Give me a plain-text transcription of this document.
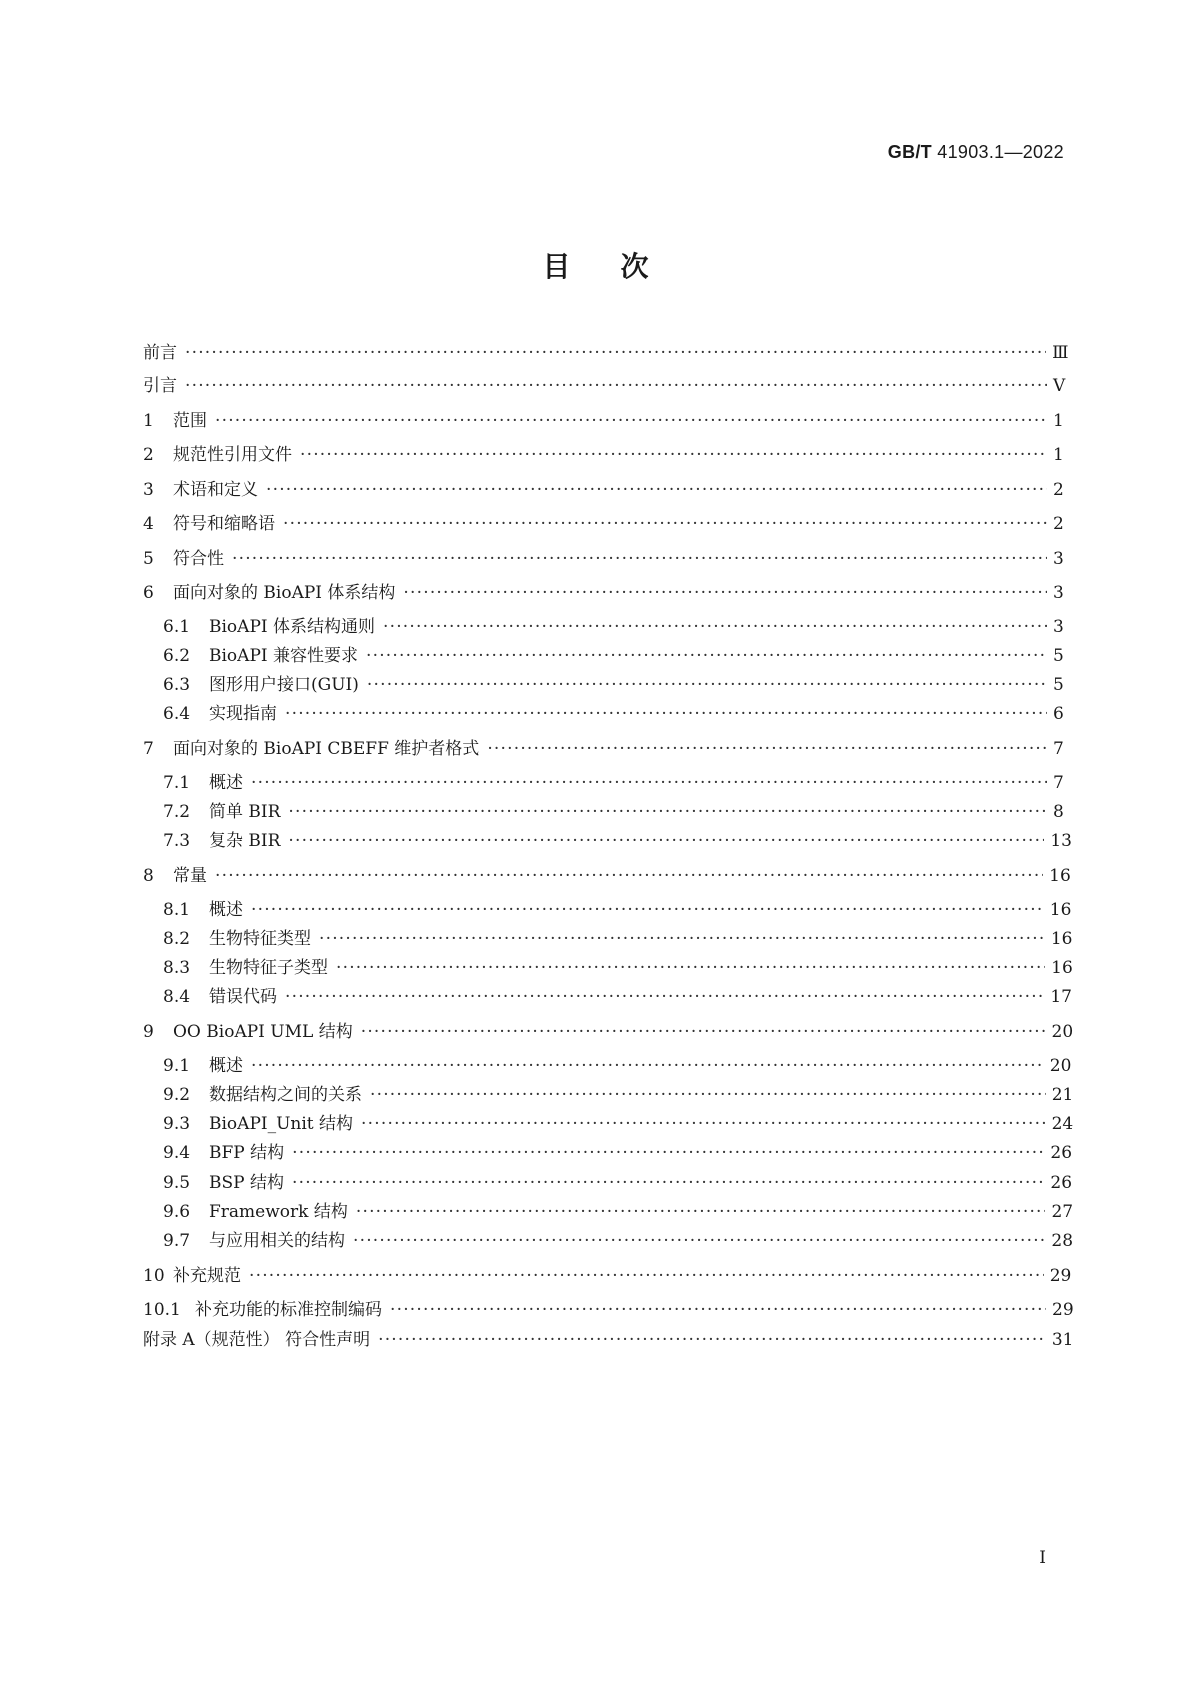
GB/T 41903.1—2022
目次
前言 ·····	Ⅲ
引言 ·····	Ⅴ
1 范围 ·····	1
2 规范性引用文件 ·····	1
3 术语和定义 ·····	2
4 符号和缩略语 ·····	2
5 符合性 ·····	3
6 面向对象的 BioAPI 体系结构 ·····	3
6.1 BioAPI 体系结构通则 ·····	3
6.2 BioAPI 兼容性要求 ·····	5
6.3 图形用户接口(GUI) ·····	5
6.4 实现指南 ·····	6
7 面向对象的 BioAPI CBEFF 维护者格式 ·····	7
7.1 概述 ·····	7
7.2 简单 BIR ·····	8
7.3 复杂 BIR ·····	13
8 常量 ·····	16
8.1 概述 ·····	16
8.2 生物特征类型 ·····	16
8.3 生物特征子类型 ·····	16
8.4 错误代码 ·····	17
9 OO BioAPI UML 结构 ·····	20
9.1 概述 ·····	20
9.2 数据结构之间的关系 ·····	21
9.3 BioAPI_Unit 结构 ·····	24
9.4 BFP 结构 ·····	26
9.5 BSP 结构 ·····	26
9.6 Framework 结构 ·····	27
9.7 与应用相关的结构 ·····	28
10 补充规范 ·····	29
10.1 补充功能的标准控制编码 ·····	29
附录 A（规范性） 符合性声明 ·····	31
I
